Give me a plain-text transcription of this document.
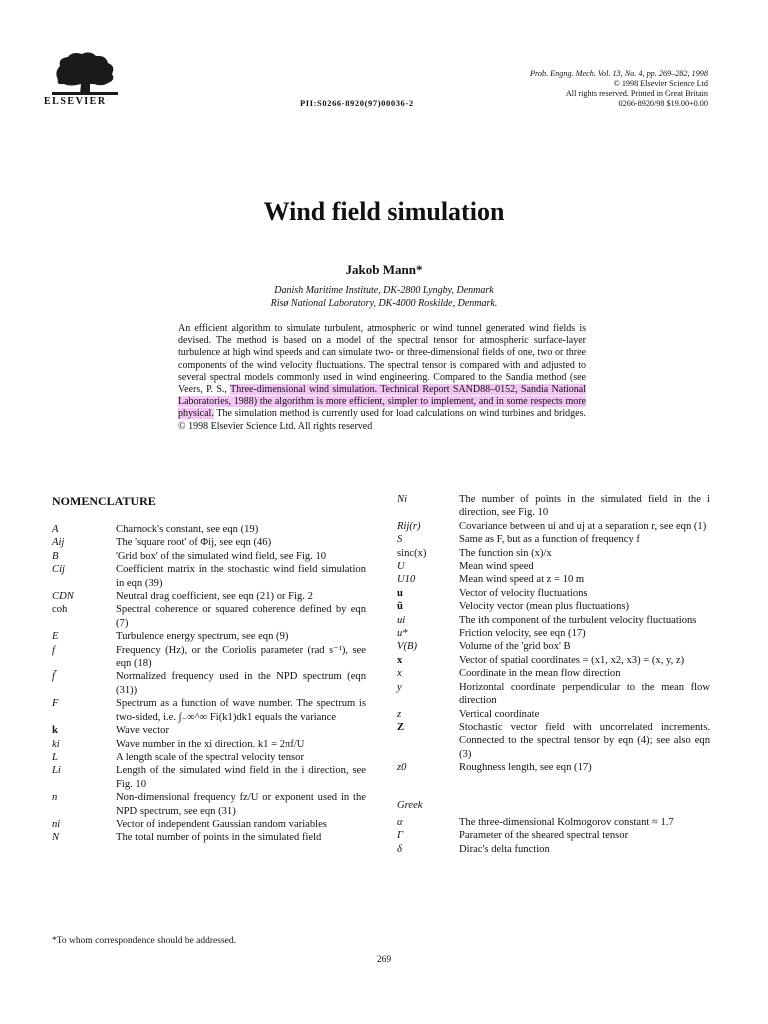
ELSEVIER	PII:S0266-8920(97)00036-2
Prob. Engng. Mech. Vol. 13, No. 4, pp. 269–282, 1998
© 1998 Elsevier Science Ltd
All rights reserved. Printed in Great Britain
0266-8920/98 $19.00+0.00
Wind field simulation
Jakob Mann*
Danish Maritime Institute, DK-2800 Lyngby, Denmark
Risø National Laboratory, DK-4000 Roskilde, Denmark.
An efficient algorithm to simulate turbulent, atmospheric or wind tunnel generated wind fields is devised. The method is based on a model of the spectral tensor for atmospheric surface-layer turbulence at high wind speeds and can simulate two- or three-dimensional fields of one, two or three components of the wind velocity fluctuations. The spectral tensor is compared with and adjusted to several spectral models commonly used in wind engineering. Compared to the Sandia method (see Veers, P. S., Three-dimensional wind simulation. Technical Report SAND88–0152, Sandia National Laboratories, 1988) the algorithm is more efficient, simpler to implement, and in some respects more physical. The simulation method is currently used for load calculations on wind turbines and bridges. © 1998 Elsevier Science Ltd. All rights reserved
NOMENCLATURE
A	Charnock's constant, see eqn (19)
Aij	The 'square root' of Φij, see eqn (46)
B	'Grid box' of the simulated wind field, see Fig. 10
Cij	Coefficient matrix in the stochastic wind field simulation in eqn (39)
CDN	Neutral drag coefficient, see eqn (21) or Fig. 2
coh	Spectral coherence or squared coherence defined by eqn (7)
E	Turbulence energy spectrum, see eqn (9)
f	Frequency (Hz), or the Coriolis parameter (rad s⁻¹), see eqn (18)
f̃	Normalized frequency used in the NPD spectrum (eqn (31))
F	Spectrum as a function of wave number. The spectrum is two-sided, i.e. ∫₋∞^∞ Fi(k1)dk1 equals the variance
k	Wave vector
ki	Wave number in the xi direction. k1 = 2πf/U
L	A length scale of the spectral velocity tensor
Li	Length of the simulated wind field in the i direction, see Fig. 10
n	Non-dimensional frequency fz/U or exponent used in the NPD spectrum, see eqn (31)
ni	Vector of independent Gaussian random variables
N	The total number of points in the simulated field
Ni	The number of points in the simulated field in the i direction, see Fig. 10
Rij(r)	Covariance between ui and uj at a separation r, see eqn (1)
S	Same as F, but as a function of frequency f
sinc(x)	The function sin (x)/x
U	Mean wind speed
U10	Mean wind speed at z = 10 m
u	Vector of velocity fluctuations
ũ	Velocity vector (mean plus fluctuations)
ui	The ith component of the turbulent velocity fluctuations
u*	Friction velocity, see eqn (17)
V(B)	Volume of the 'grid box' B
x	Vector of spatial coordinates = (x1, x2, x3) = (x, y, z)
x	Coordinate in the mean flow direction
y	Horizontal coordinate perpendicular to the mean flow direction
z	Vertical coordinate
Z	Stochastic vector field with uncorrelated increments. Connected to the spectral tensor by eqn (4); see also eqn (3)
z0	Roughness length, see eqn (17)
Greek
α	The three-dimensional Kolmogorov constant ≈ 1.7
Γ	Parameter of the sheared spectral tensor
δ	Dirac's delta function
*To whom correspondence should be addressed.
269
